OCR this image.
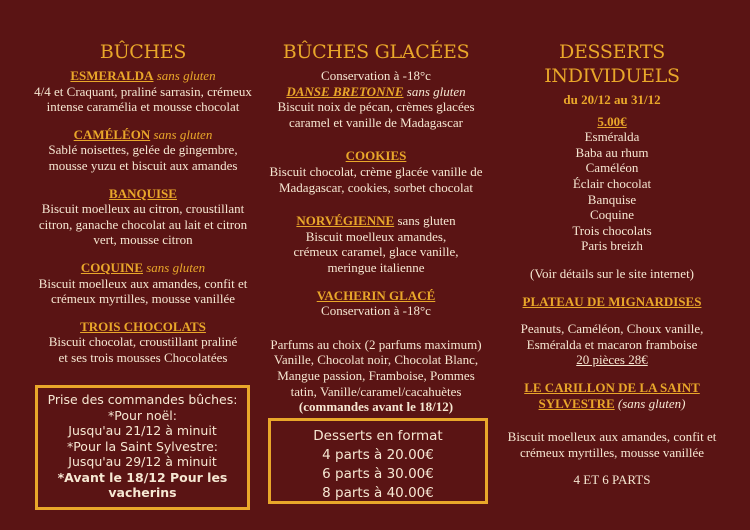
BÛCHES

ESMERALDA sans gluten

4/4 et Craquant, praliné sarrasin, crémeux

intense caramélia et mousse chocolat

CAMÉLÉON sans gluten

Sablé noisettes, gelée de gingembre,

mousse yuzu et biscuit aux amandes

BANQUISE

Biscuit moelleux au citron, croustillant

citron, ganache chocolat au lait et citron

vert, mousse citron

COQUINE sans gluten

Biscuit moelleux aux amandes, confit et

crémeux myrtilles, mousse vanillée

TROIS CHOCOLATS

Biscuit chocolat, croustillant praliné

et ses trois mousses Chocolatées

Prise des commandes bûches:
*Pour noël:
Jusqu'au 21/12 à minuit
*Pour la Saint Sylvestre:
Jusqu'au 29/12 à minuit
*Avant le 18/12 Pour les
vacherins
BÛCHES GLACÉES

Conservation à -18°c

DANSE BRETONNE sans gluten

Biscuit noix de pécan, crèmes glacées

caramel et vanille de Madagascar

COOKIES

Biscuit chocolat, crème glacée vanille de

Madagascar, cookies, sorbet chocolat

NORVÉGIENNE sans gluten

Biscuit moelleux amandes,

crémeux caramel, glace vanille,

meringue italienne

VACHERIN GLACÉ

Conservation à -18°c

Parfums au choix (2 parfums maximum)

Vanille, Chocolat noir, Chocolat Blanc,

Mangue passion, Framboise, Pommes

tatin, Vanille/caramel/cacahuètes

(commandes avant le 18/12)

Desserts en format
4 parts à 20.00€
6 parts à 30.00€
8 parts à 40.00€
DESSERTS INDIVIDUELS

du 20/12 au 31/12

5.00€

Esméralda

Baba au rhum

Caméléon

Éclair chocolat

Banquise

Coquine

Trois chocolats

Paris breizh

(Voir détails sur le site internet)

PLATEAU DE MIGNARDISES

Peanuts, Caméléon, Choux vanille,

Esméralda et macaron framboise

20 pièces 28€

LE CARILLON DE LA SAINT

SYLVESTRE (sans gluten)

Biscuit moelleux aux amandes, confit et

crémeux myrtilles, mousse vanillée

4 ET 6 PARTS
